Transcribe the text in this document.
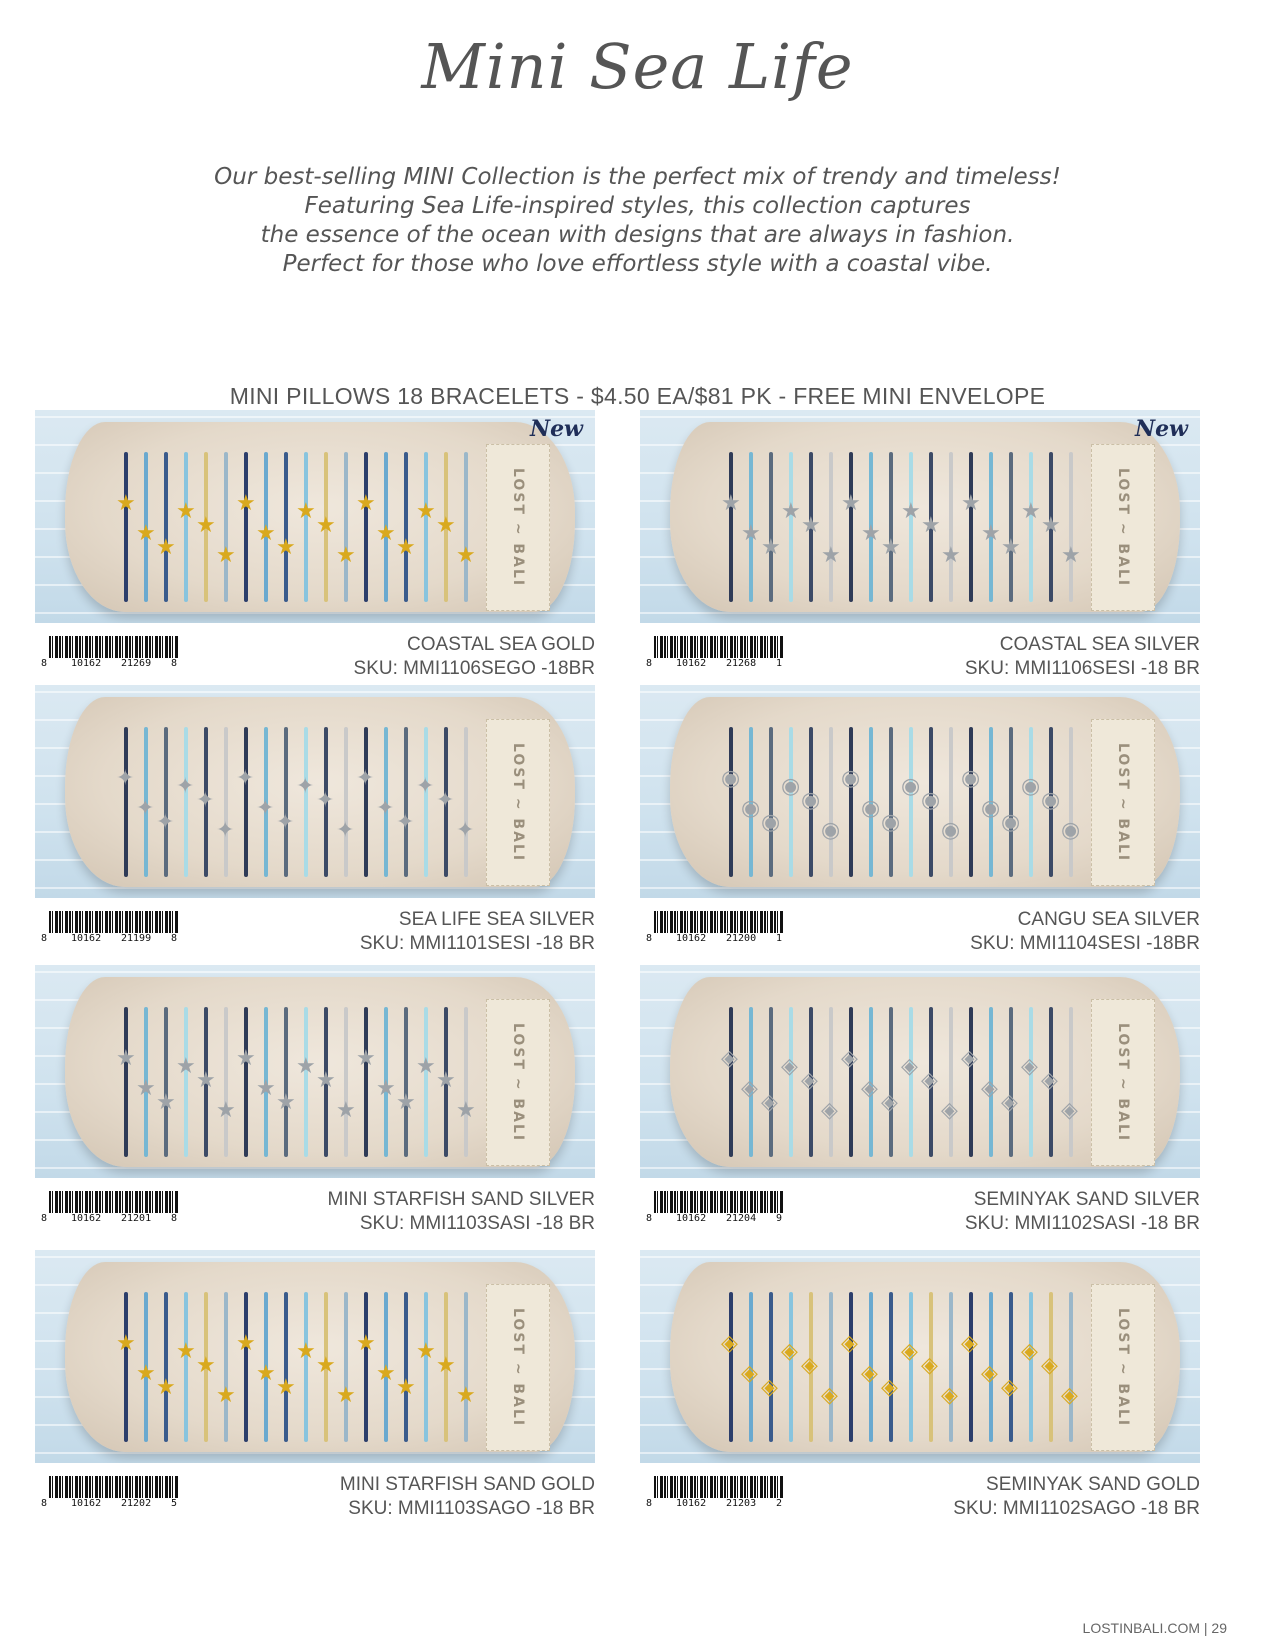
Mini Sea Life
Our best-selling MINI Collection is the perfect mix of trendy and timeless!
Featuring Sea Life-inspired styles, this collection captures
the essence of the ocean with designs that are always in fashion.
Perfect for those who love effortless style with a coastal vibe.
MINI PILLOWS 18 BRACELETS - $4.50 EA/$81 PK - FREE MINI ENVELOPE
★
★
★
★
★
★
★
★
★
★
★
★
★
★
★
★
★
★	LOST ~ BALI
New
8 10162 21269 8
COASTAL SEA GOLD
SKU: MMI1106SEGO -18BR
★
★
★
★
★
★
★
★
★
★
★
★
★
★
★
★
★
★	LOST ~ BALI
New
8 10162 21268 1
COASTAL SEA SILVER
SKU: MMI1106SESI -18 BR
✦
✦
✦
✦
✦
✦
✦
✦
✦
✦
✦
✦
✦
✦
✦
✦
✦
✦	LOST ~ BALI
8 10162 21199 8
SEA LIFE SEA SILVER
SKU: MMI1101SESI -18 BR
◉
◉
◉
◉
◉
◉
◉
◉
◉
◉
◉
◉
◉
◉
◉
◉
◉
◉	LOST ~ BALI
8 10162 21200 1
CANGU SEA SILVER
SKU: MMI1104SESI -18BR
★
★
★
★
★
★
★
★
★
★
★
★
★
★
★
★
★
★	LOST ~ BALI
8 10162 21201 8
MINI STARFISH SAND SILVER
SKU: MMI1103SASI -18 BR
◈
◈
◈
◈
◈
◈
◈
◈
◈
◈
◈
◈
◈
◈
◈
◈
◈
◈	LOST ~ BALI
8 10162 21204 9
SEMINYAK SAND SILVER
SKU: MMI1102SASI -18 BR
★
★
★
★
★
★
★
★
★
★
★
★
★
★
★
★
★
★	LOST ~ BALI
8 10162 21202 5
MINI STARFISH SAND GOLD
SKU: MMI1103SAGO -18 BR
◈
◈
◈
◈
◈
◈
◈
◈
◈
◈
◈
◈
◈
◈
◈
◈
◈
◈	LOST ~ BALI
8 10162 21203 2
SEMINYAK SAND GOLD
SKU: MMI1102SAGO -18 BR
LOSTINBALI.COM | 29
